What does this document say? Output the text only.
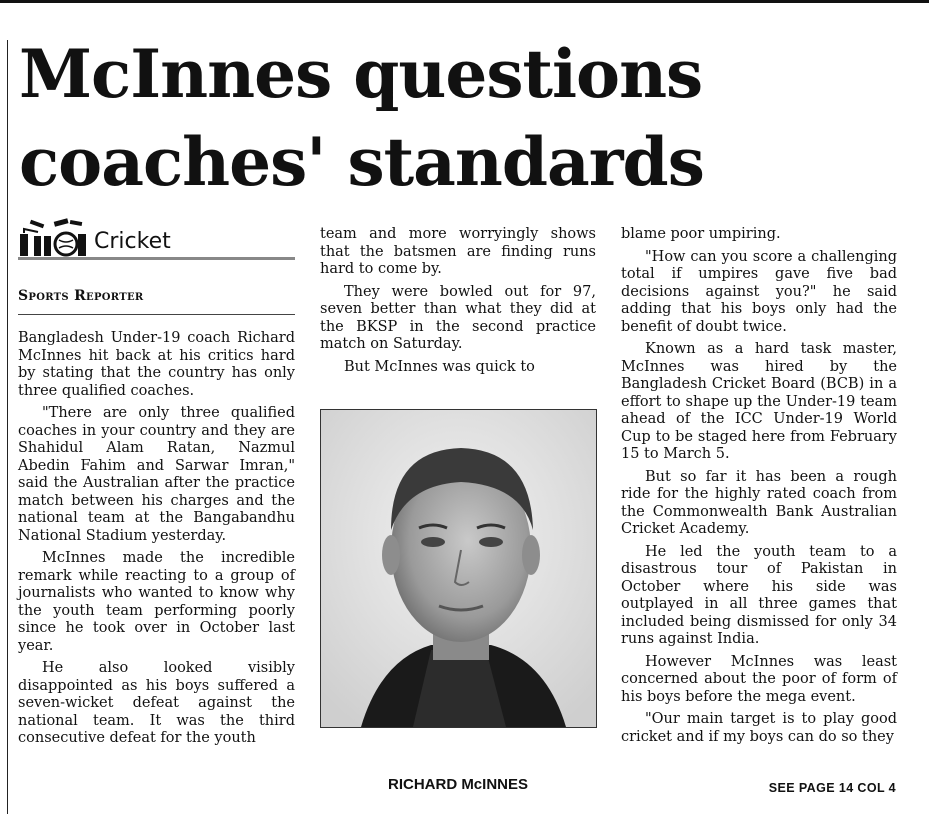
McInnes questions coaches' standards
Cricket
Sports Reporter

Bangladesh Under-19 coach Richard McInnes hit back at his critics hard by stating that the country has only three qualified coaches.

"There are only three qualified coaches in your country and they are Shahidul Alam Ratan, Nazmul Abedin Fahim and Sarwar Imran," said the Australian after the practice match between his charges and the national team at the Bangabandhu National Stadium yesterday.

McInnes made the incredible remark while reacting to a group of journalists who wanted to know why the youth team performing poorly since he took over in October last year.

He also looked visibly disappointed as his boys suffered a seven-wicket defeat against the national team. It was the third consecutive defeat for the youth

team and more worryingly shows that the batsmen are finding runs hard to come by.

They were bowled out for 97, seven better than what they did at the BKSP in the second practice match on Saturday.

But McInnes was quick to

RICHARD McINNES

blame poor umpiring.

"How can you score a challenging total if umpires gave five bad decisions against you?" he said adding that his boys only had the benefit of doubt twice.

Known as a hard task master, McInnes was hired by the Bangladesh Cricket Board (BCB) in a effort to shape up the Under-19 team ahead of the ICC Under-19 World Cup to be staged here from February 15 to March 5.

But so far it has been a rough ride for the highly rated coach from the Commonwealth Bank Australian Cricket Academy.

He led the youth team to a disastrous tour of Pakistan in October where his side was outplayed in all three games that included being dismissed for only 34 runs against India.

However McInnes was least concerned about the poor of form of his boys before the mega event.

"Our main target is to play good cricket and if my boys can do so they

SEE PAGE 14 COL 4
